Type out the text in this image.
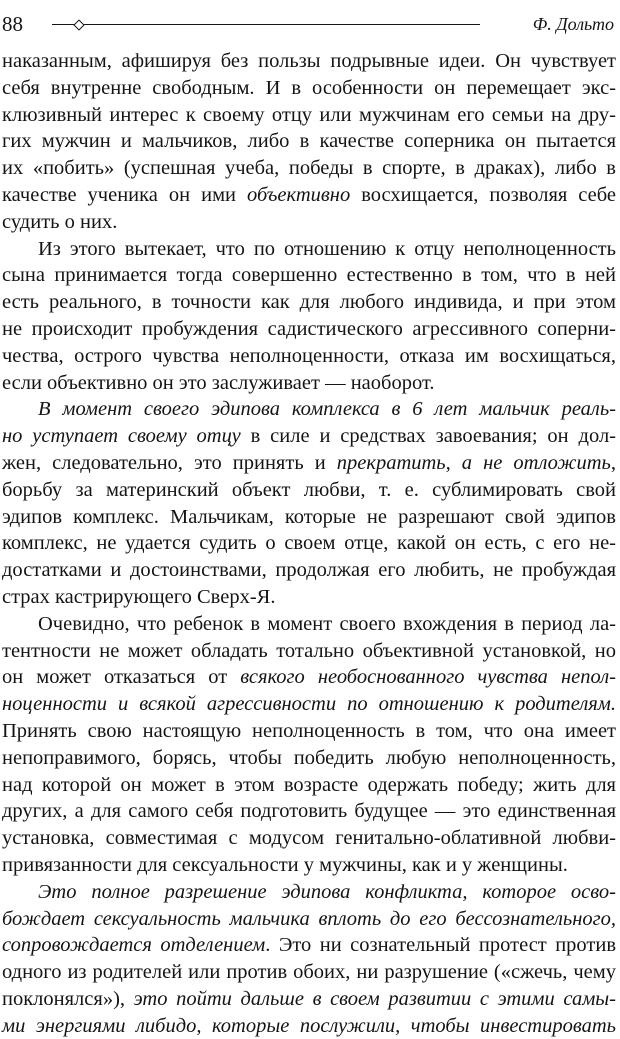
88	Ф. Дольто
наказанным, афишируя без пользы подрывные идеи. Он чувствует
себя внутренне свободным. И в особенности он перемещает экс-
клюзивный интерес к своему отцу или мужчинам его семьи на дру-
гих мужчин и мальчиков, либо в качестве соперника он пытается
их «побить» (успешная учеба, победы в спорте, в драках), либо в
качестве ученика он ими объективно восхищается, позволяя себе
судить о них.
Из этого вытекает, что по отношению к отцу неполноценность
сына принимается тогда совершенно естественно в том, что в ней
есть реального, в точности как для любого индивида, и при этом
не происходит пробуждения садистического агрессивного соперни-
чества, острого чувства неполноценности, отказа им восхищаться,
если объективно он это заслуживает — наоборот.
В момент своего эдипова комплекса в 6 лет мальчик реаль-
но уступает своему отцу в силе и средствах завоевания; он дол-
жен, следовательно, это принять и прекратить, а не отложить,
борьбу за материнский объект любви, т. е. сублимировать свой
эдипов комплекс. Мальчикам, которые не разрешают свой эдипов
комплекс, не удается судить о своем отце, какой он есть, с его не-
достатками и достоинствами, продолжая его любить, не пробуждая
страх кастрирующего Сверх-Я.
Очевидно, что ребенок в момент своего вхождения в период ла-
тентности не может обладать тотально объективной установкой, но
он может отказаться от всякого необоснованного чувства непол-
ноценности и всякой агрессивности по отношению к родителям.
Принять свою настоящую неполноценность в том, что она имеет
непоправимого, борясь, чтобы победить любую неполноценность,
над которой он может в этом возрасте одержать победу; жить для
других, а для самого себя подготовить будущее — это единственная
установка, совместимая с модусом генитально-облативной любви-
привязанности для сексуальности у мужчины, как и у женщины.
Это полное разрешение эдипова конфликта, которое осво-
бождает сексуальность мальчика вплоть до его бессознательного,
сопровождается отделением. Это ни сознательный протест против
одного из родителей или против обоих, ни разрушение («сжечь, чему
поклонялся»), это пойти дальше в своем развитии с этими самы-
ми энергиями либидо, которые послужили, чтобы инвестировать
